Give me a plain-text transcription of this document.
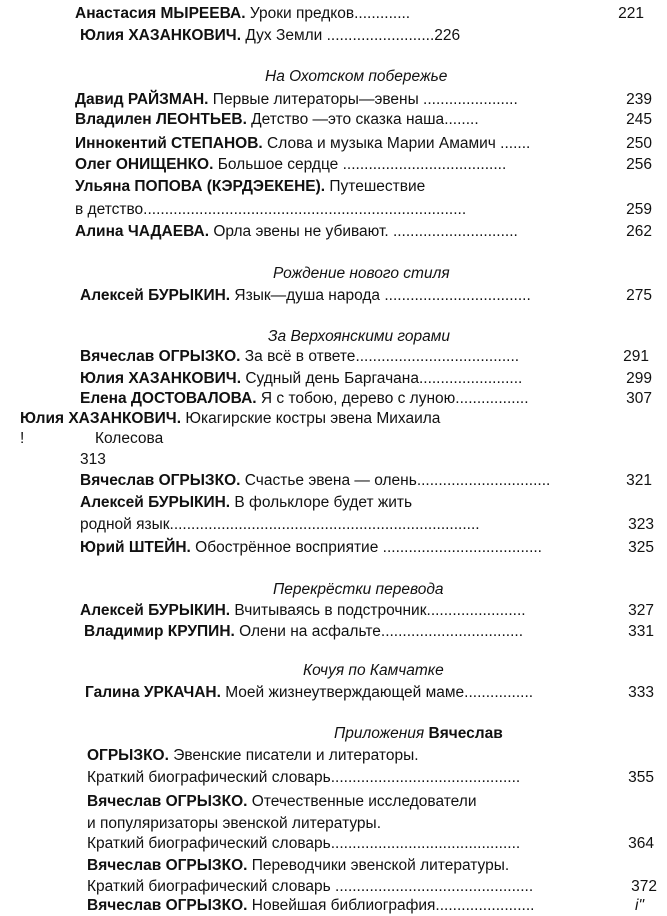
Анастасия МЫРЕЕВА. Уроки предков.............	221
Юлия ХАЗАНКОВИЧ. Дух Земли .........................226
На Охотском побережье
Давид РАЙЗМАН. Первые литераторы—эвены ......................	239
Владилен ЛЕОНТЬЕВ. Детство —это сказка наша........	245
Иннокентий СТЕПАНОВ. Слова и музыка Марии Амамич .......	250
Олег ОНИЩЕНКО. Большое сердце ......................................	256
Ульяна ПОПОВА (КЭРДЭЕКЕНЕ). Путешествие
в детство...........................................................................	259
Алина ЧАДАЕВА. Орла эвены не убивают. .............................	262
Рождение нового стиля
Алексей БУРЫКИН. Язык—душа народа ..................................	275
За Верхоянскими горами
Вячеслав ОГРЫЗКО. За всё в ответе......................................	291
Юлия ХАЗАНКОВИЧ. Судный день Баргачана........................	299
Елена ДОСТОВАЛОВА. Я с тобою, дерево с луною.................	307
Юлия ХАЗАНКОВИЧ. Юкагирские костры эвена Михаила
!	Колесова
313
Вячеслав ОГРЫЗКО. Счастье эвена — олень...............................	321
Алексей БУРЫКИН. В фольклоре будет жить
родной язык........................................................................	323
Юрий ШТЕЙН. Обострённое восприятие .....................................	325
Перекрёстки перевода
Алексей БУРЫКИН. Вчитываясь в подстрочник.......................	327
Владимир КРУПИН. Олени на асфальте.................................	331
Кочуя по Камчатке
Галина УРКАЧАН. Моей жизнеутверждающей маме................	333
Приложения Вячеслав
ОГРЫЗКО. Эвенские писатели и литераторы.
Краткий биографический словарь............................................	355
Вячеслав ОГРЫЗКО. Отечественные исследователи
и популяризаторы эвенской литературы.
Краткий биографический словарь............................................	364
Вячеслав ОГРЫЗКО. Переводчики эвенской литературы.
Краткий биографический словарь ..............................................	372
Вячеслав ОГРЫЗКО. Новейшая библиография.......................	i"
